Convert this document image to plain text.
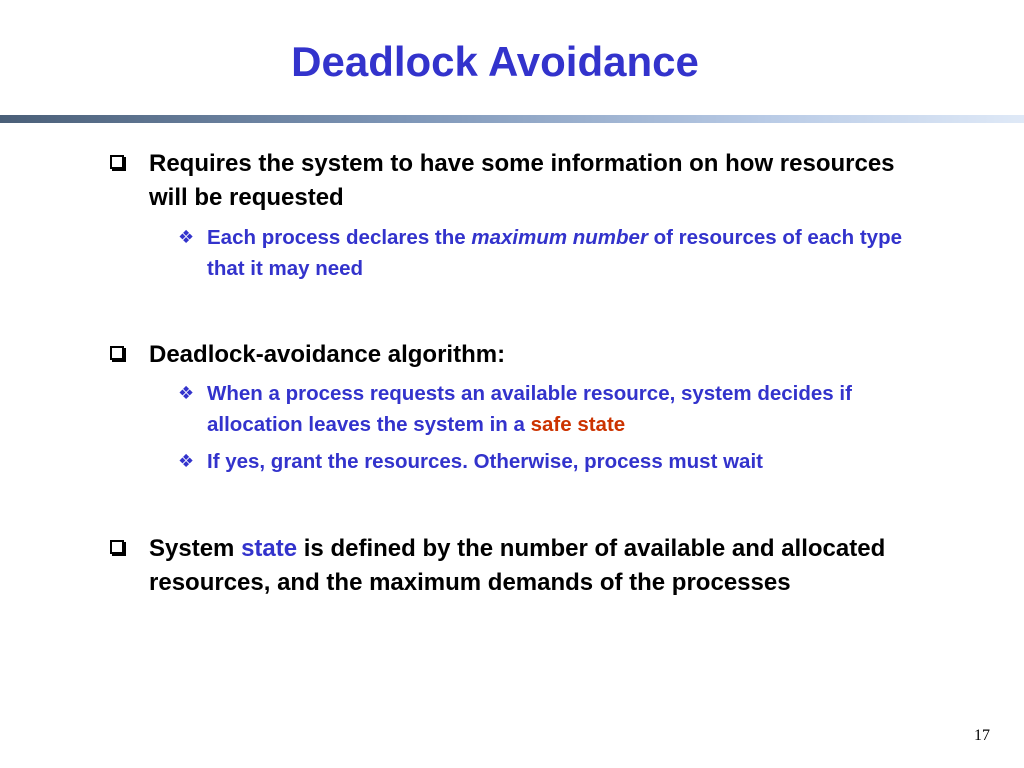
Deadlock Avoidance
Requires the system to have some information on how resources will be requested
❖ Each process declares the maximum number of resources of each type that it may need
Deadlock-avoidance algorithm:
❖ When a process requests an available resource, system decides if allocation leaves the system in a safe state
❖ If yes, grant the resources. Otherwise, process must wait
System state is defined by the number of available and allocated resources, and the maximum demands of the processes
17
